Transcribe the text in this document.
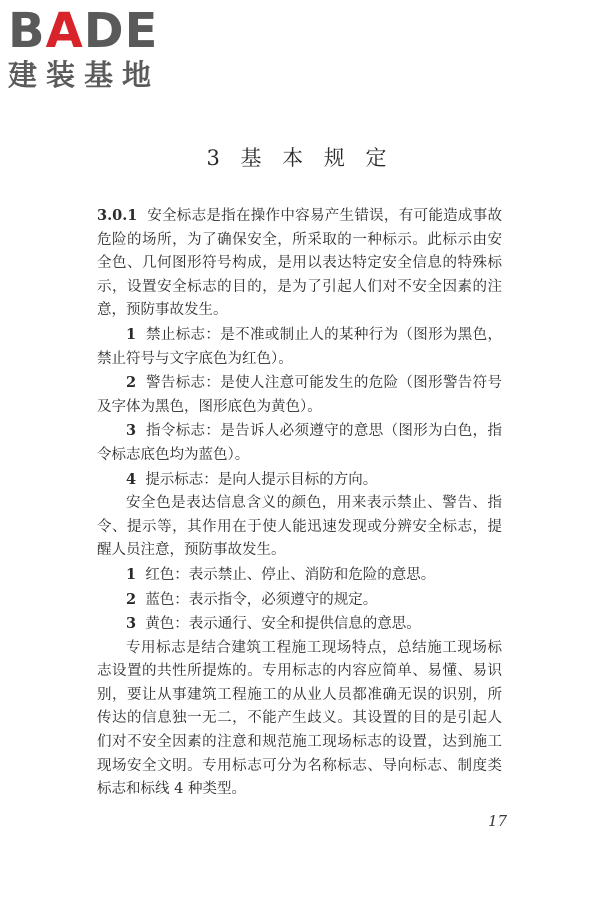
BADE
建装基地
3 基 本 规 定

3.0.1 安全标志是指在操作中容易产生错误，有可能造成事故危险的场所，为了确保安全，所采取的一种标示。此标示由安全色、几何图形符号构成，是用以表达特定安全信息的特殊标示，设置安全标志的目的，是为了引起人们对不安全因素的注意，预防事故发生。

1 禁止标志：是不准或制止人的某种行为（图形为黑色，禁止符号与文字底色为红色）。

2 警告标志：是使人注意可能发生的危险（图形警告符号及字体为黑色，图形底色为黄色）。

3 指令标志：是告诉人必须遵守的意思（图形为白色，指令标志底色均为蓝色）。

4 提示标志：是向人提示目标的方向。

安全色是表达信息含义的颜色，用来表示禁止、警告、指令、提示等，其作用在于使人能迅速发现或分辨安全标志，提醒人员注意，预防事故发生。

1 红色：表示禁止、停止、消防和危险的意思。

2 蓝色：表示指令，必须遵守的规定。

3 黄色：表示通行、安全和提供信息的意思。

专用标志是结合建筑工程施工现场特点，总结施工现场标志设置的共性所提炼的。专用标志的内容应简单、易懂、易识别，要让从事建筑工程施工的从业人员都准确无误的识别，所传达的信息独一无二，不能产生歧义。其设置的目的是引起人们对不安全因素的注意和规范施工现场标志的设置，达到施工现场安全文明。专用标志可分为名称标志、导向标志、制度类标志和标线 4 种类型。

17
